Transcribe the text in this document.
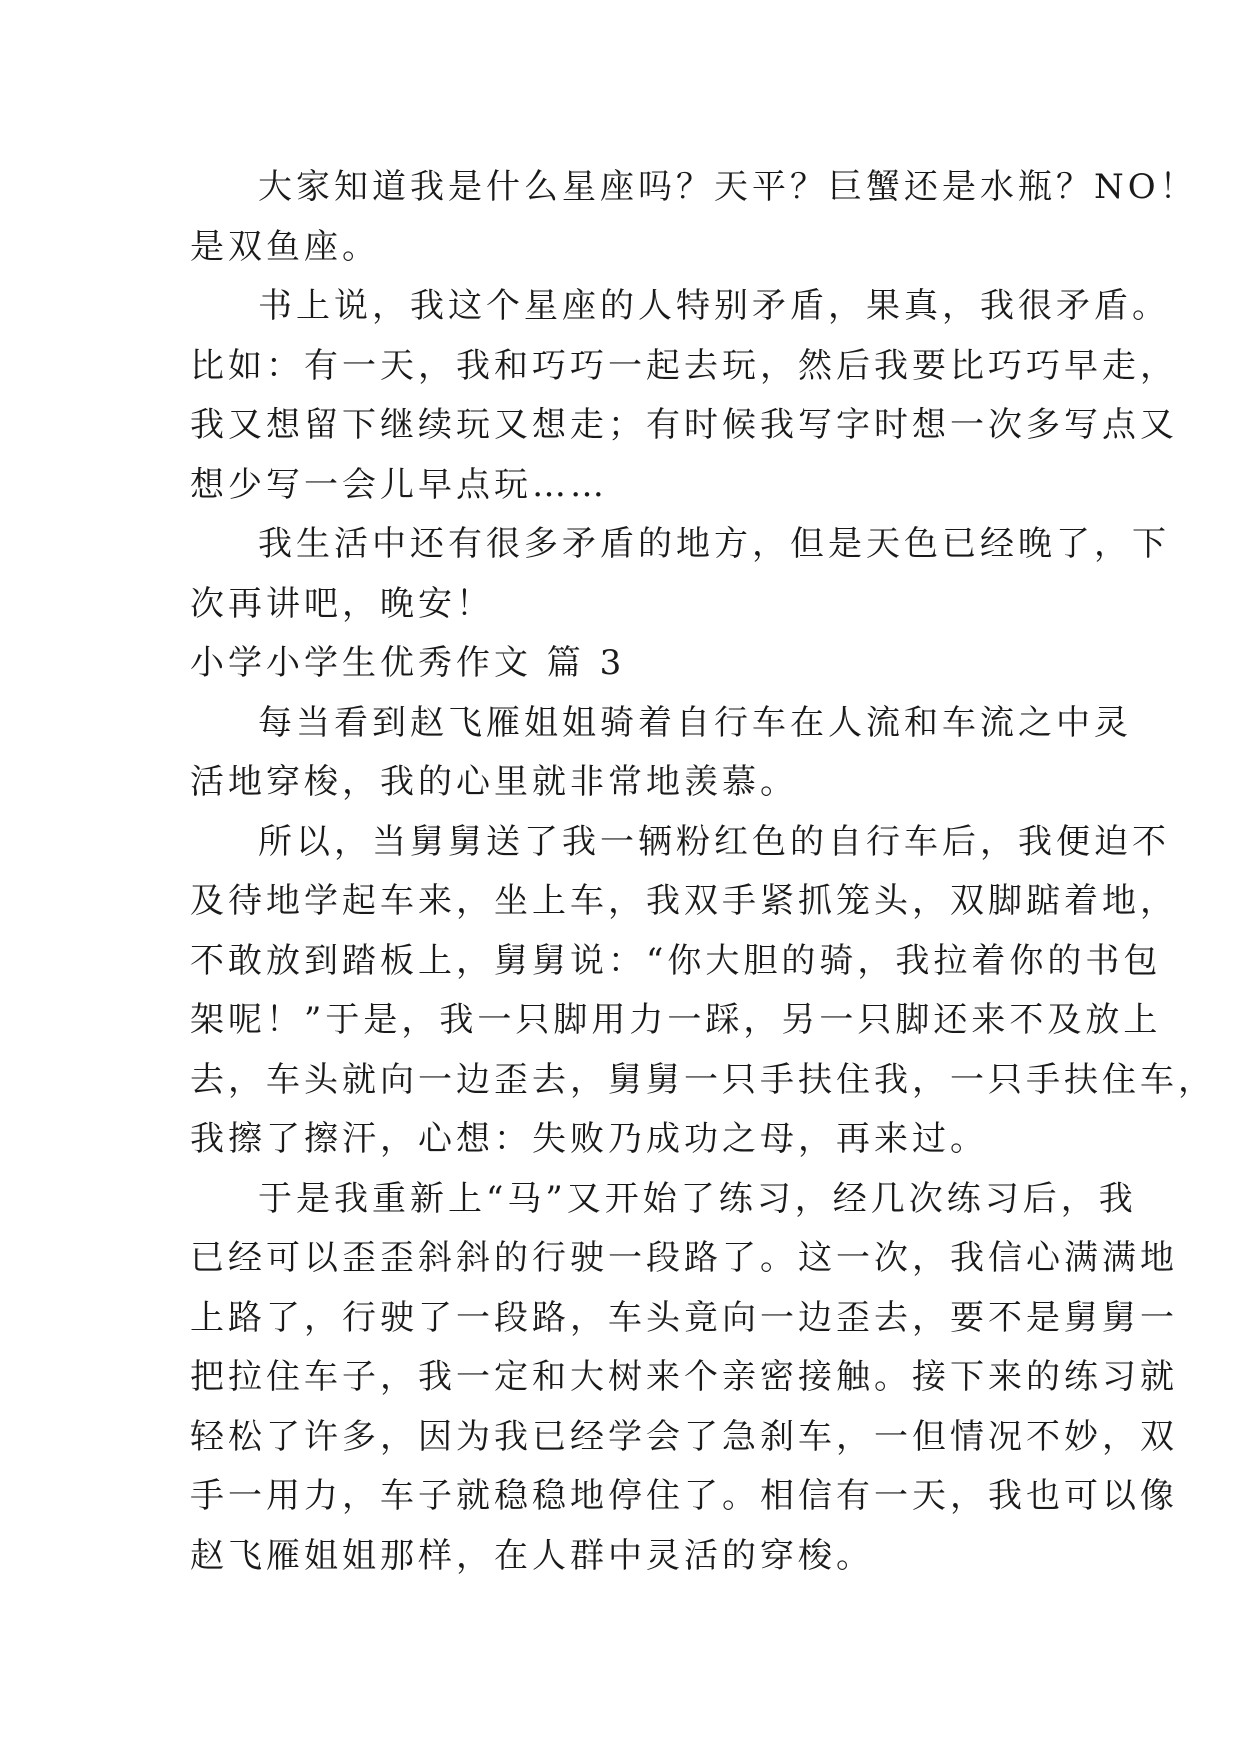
大家知道我是什么星座吗？天平？巨蟹还是水瓶？NO！
是双鱼座。
书上说，我这个星座的人特别矛盾，果真，我很矛盾。
比如：有一天，我和巧巧一起去玩，然后我要比巧巧早走，
我又想留下继续玩又想走；有时候我写字时想一次多写点又
想少写一会儿早点玩……
我生活中还有很多矛盾的地方，但是天色已经晚了，下
次再讲吧，晚安！
小学小学生优秀作文 篇 3
每当看到赵飞雁姐姐骑着自行车在人流和车流之中灵
活地穿梭，我的心里就非常地羡慕。
所以，当舅舅送了我一辆粉红色的自行车后，我便迫不
及待地学起车来，坐上车，我双手紧抓笼头，双脚踮着地，
不敢放到踏板上，舅舅说：“你大胆的骑，我拉着你的书包
架呢！”于是，我一只脚用力一踩，另一只脚还来不及放上
去，车头就向一边歪去，舅舅一只手扶住我，一只手扶住车，
我擦了擦汗，心想：失败乃成功之母，再来过。
于是我重新上“马”又开始了练习，经几次练习后，我
已经可以歪歪斜斜的行驶一段路了。这一次，我信心满满地
上路了，行驶了一段路，车头竟向一边歪去，要不是舅舅一
把拉住车子，我一定和大树来个亲密接触。接下来的练习就
轻松了许多，因为我已经学会了急刹车，一但情况不妙，双
手一用力，车子就稳稳地停住了。相信有一天，我也可以像
赵飞雁姐姐那样，在人群中灵活的穿梭。
